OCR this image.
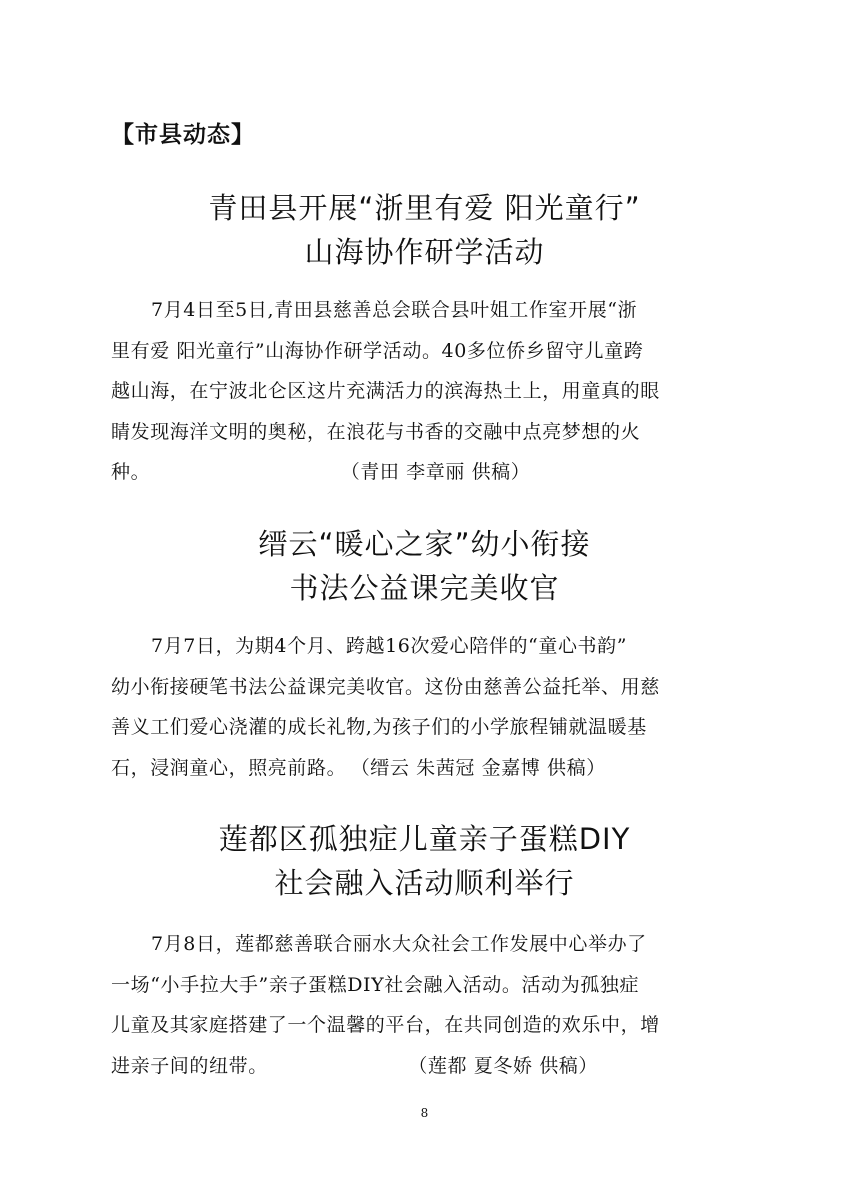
【市县动态】
青田县开展“浙里有爱 阳光童行”
山海协作研学活动
7月4日至5日,青田县慈善总会联合县叶姐工作室开展“浙
里有爱 阳光童行”山海协作研学活动。40多位侨乡留守儿童跨
越山海，在宁波北仑区这片充满活力的滨海热土上，用童真的眼
睛发现海洋文明的奥秘，在浪花与书香的交融中点亮梦想的火
种。	（青田 李章丽 供稿）
缙云“暖心之家”幼小衔接
书法公益课完美收官
7月7日，为期4个月、跨越16次爱心陪伴的“童心书韵”
幼小衔接硬笔书法公益课完美收官。这份由慈善公益托举、用慈
善义工们爱心浇灌的成长礼物,为孩子们的小学旅程铺就温暖基
石，浸润童心，照亮前路。 （缙云 朱茜冠 金嘉博 供稿）
莲都区孤独症儿童亲子蛋糕DIY
社会融入活动顺利举行
7月8日，莲都慈善联合丽水大众社会工作发展中心举办了
一场“小手拉大手”亲子蛋糕DIY社会融入活动。活动为孤独症
儿童及其家庭搭建了一个温馨的平台，在共同创造的欢乐中，增
进亲子间的纽带。	（莲都 夏冬娇 供稿）
8
